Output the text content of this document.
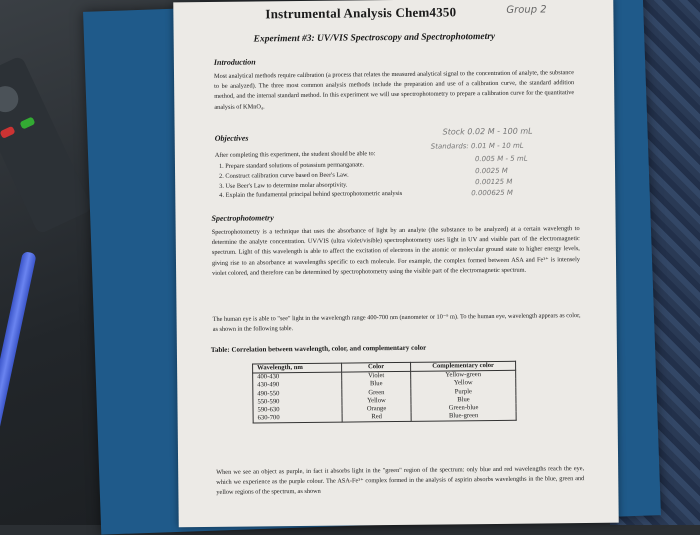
Instrumental Analysis Chem4350	Group 2
Experiment #3: UV/VIS Spectroscopy and Spectrophotometry
Introduction
Most analytical methods require calibration (a process that relates the measured analytical signal to the concentration of analyte, the substance to be analyzed). The three most common analysis methods include the preparation and use of a calibration curve, the standard addition method, and the internal standard method. In this experiment we will use spectrophotometry to prepare a calibration curve for the quantitative analysis of KMnO₄.
Objectives
After completing this experiment, the student should be able to:
1. Prepare standard solutions of potassium permanganate.
2. Construct calibration curve based on Beer's Law.
3. Use Beer's Law to determine molar absorptivity.
4. Explain the fundamental principal behind spectrophotometric analysis
Stock 0.02 M - 100 mL
Standards: 0.01 M - 10 mL
0.005 M - 5 mL
0.0025 M
0.00125 M
0.000625 M
Spectrophotometry
Spectrophotometry is a technique that uses the absorbance of light by an analyte (the substance to be analyzed) at a certain wavelength to determine the analyte concentration. UV/VIS (ultra violet/visible) spectrophotometry uses light in UV and visible part of the electromagnetic spectrum. Light of this wavelength is able to affect the excitation of electrons in the atomic or molecular ground state to higher energy levels, giving rise to an absorbance at wavelengths specific to each molecule. For example, the complex formed between ASA and Fe³⁺ is intensely violet colored, and therefore can be determined by spectrophotometry using the visible part of the electromagnetic spectrum.
The human eye is able to "see" light in the wavelength range 400-700 nm (nanometer or 10⁻⁹ m). To the human eye, wavelength appears as color, as shown in the following table.
Table: Correlation between wavelength, color, and complementary color
Wavelength, nm	Color	Complementary color
400-430	Violet	Yellow-green
430-490	Blue	Yellow
490-550	Green	Purple
550-590	Yellow	Blue
590-630	Orange	Green-blue
630-700	Red	Blue-green
When we see an object as purple, in fact it absorbs light in the "green" region of the spectrum: only blue and red wavelengths reach the eye, which we experience as the purple colour. The ASA-Fe³⁺ complex formed in the analysis of aspirin absorbs wavelengths in the blue, green and yellow regions of the spectrum, as shown
